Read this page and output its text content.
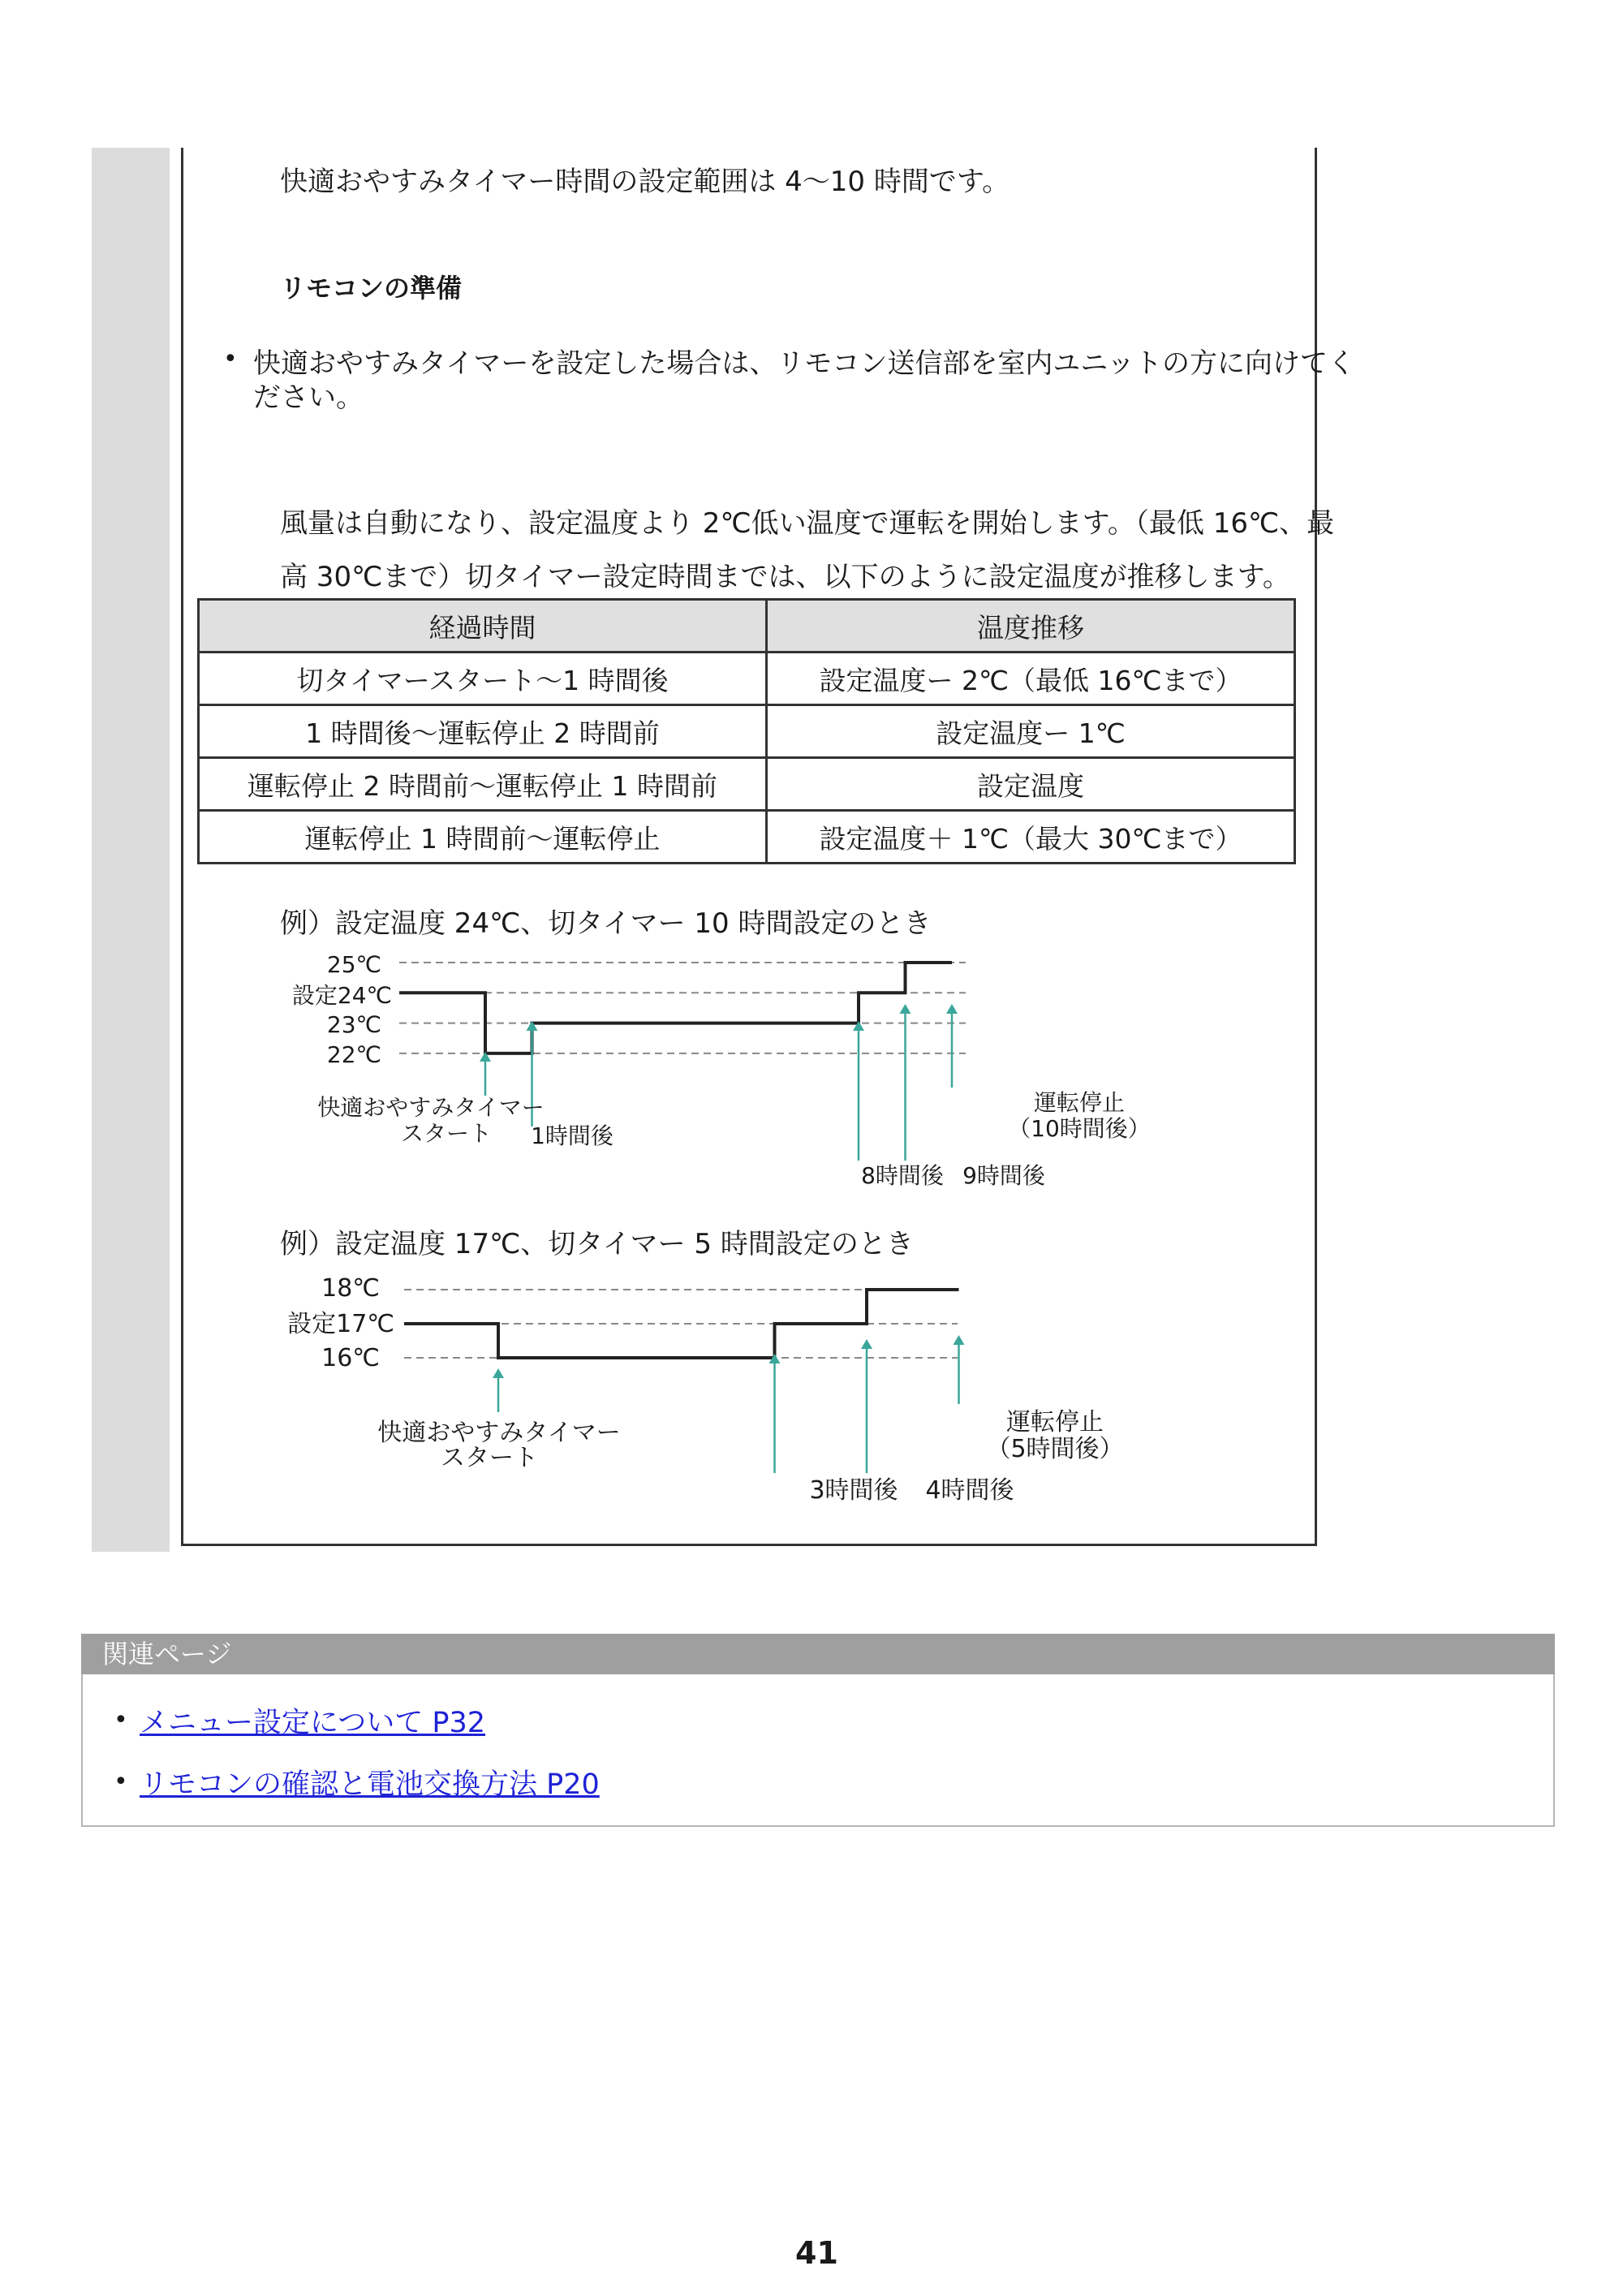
快適おやすみタイマー時間の設定範囲は 4〜10 時間です。
リモコンの準備
• 快適おやすみタイマーを設定した場合は、リモコン送信部を室内ユニットの方に向けてく
ださい。
風量は自動になり、設定温度より 2℃低い温度で運転を開始します。（最低 16℃、最
高 30℃まで）切タイマー設定時間までは、以下のように設定温度が推移します。
経過時間	温度推移
切タイマースタート〜1 時間後	設定温度ー 2℃（最低 16℃まで）
1 時間後〜運転停止 2 時間前	設定温度ー 1℃
運転停止 2 時間前〜運転停止 1 時間前	設定温度
運転停止 1 時間前〜運転停止	設定温度＋ 1℃（最大 30℃まで）
例）設定温度 24℃、切タイマー 10 時間設定のとき
25℃
設定24℃
23℃
22℃
快適おやすみタイマー
スタート 1時間後
8時間後 9時間後
運転停止
（10時間後）
例）設定温度 17℃、切タイマー 5 時間設定のとき
18℃
設定17℃
16℃
快適おやすみタイマー
スタート
3時間後 4時間後
運転停止
（5時間後）
関連ページ
• メニュー設定について P32
• リモコンの確認と電池交換方法 P20
41
